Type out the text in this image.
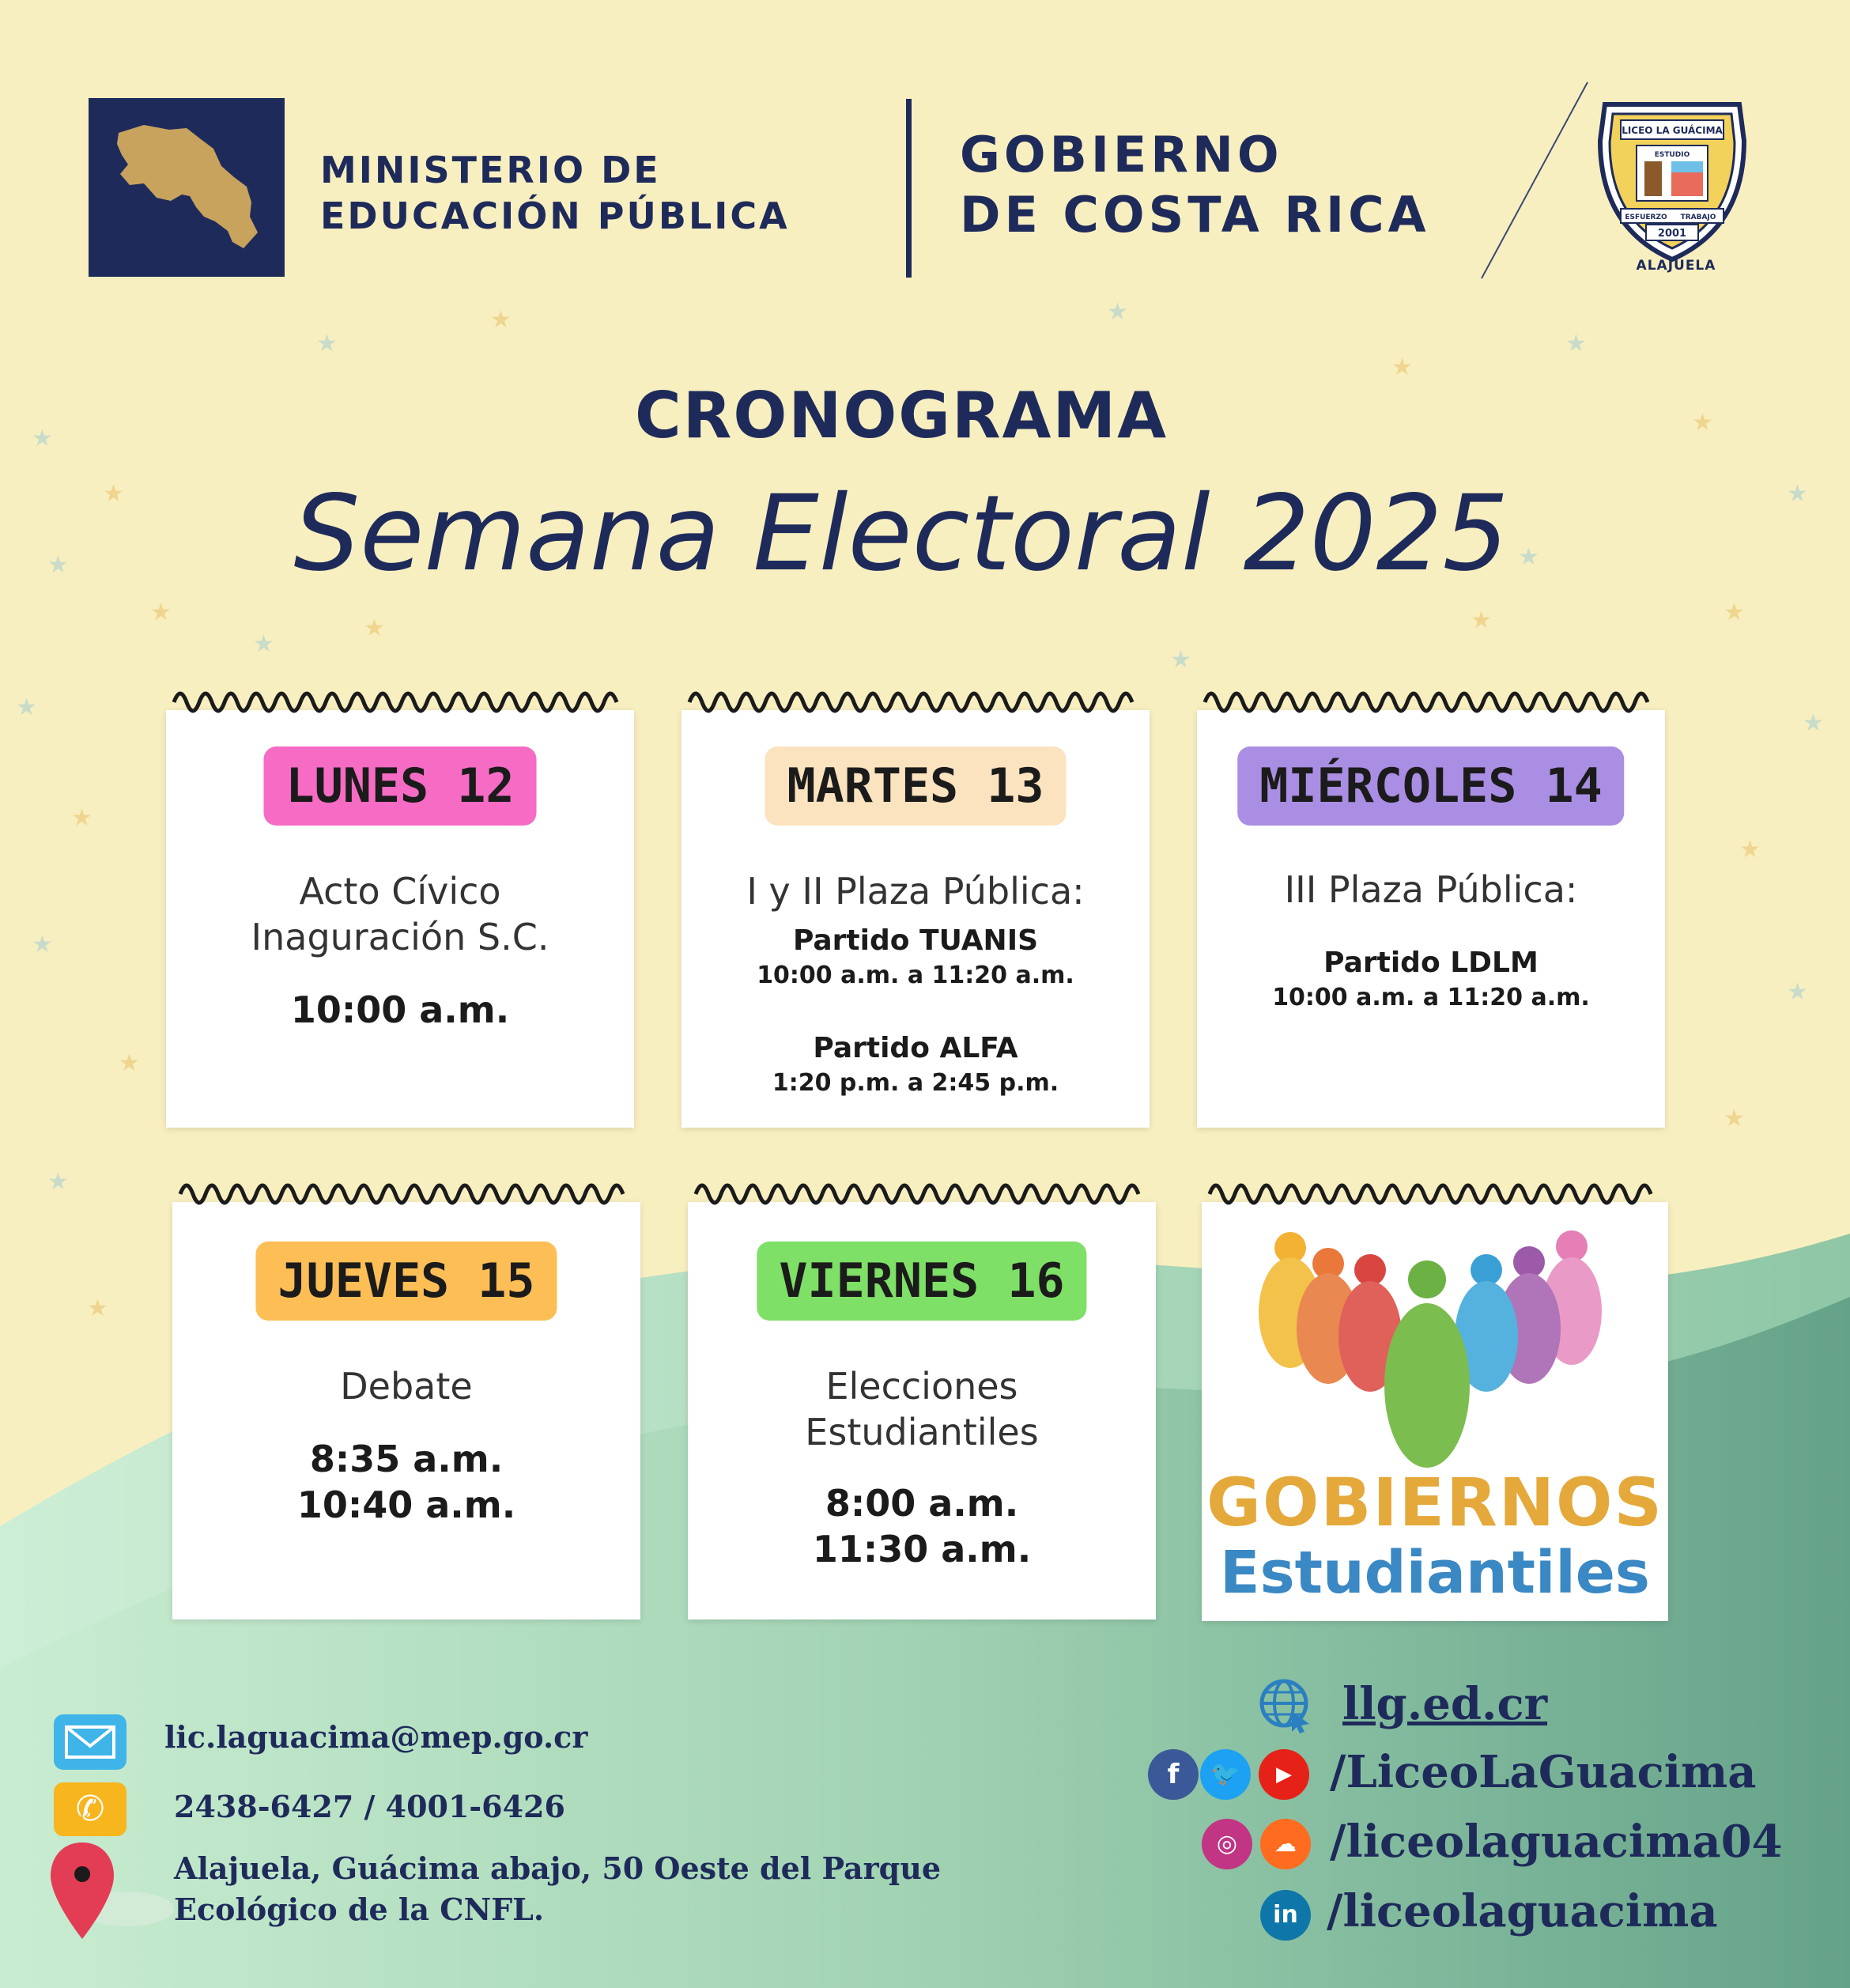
★
★
★
★
★
★
★
★
★
★
★
★	★
★
★
★
★
★
★
★
★
★
★
★
★
★
★
MINISTERIO DE
EDUCACIÓN PÚBLICA
GOBIERNO
DE COSTA RICA
LICEO LA GUÁCIMA
ESTUDIO
ESFUERZO TRABAJO
2001
ALAJUELA
CRONOGRAMA
Semana Electoral 2025
LUNES 12
Acto Cívico
Inaguración S.C.
10:00 a.m.
MARTES 13
I y II Plaza Pública:
Partido TUANIS
10:00 a.m. a 11:20 a.m.
Partido ALFA
1:20 p.m. a 2:45 p.m.
MIÉRCOLES 14
III Plaza Pública:
Partido LDLM
10:00 a.m. a 11:20 a.m.
JUEVES 15
Debate
8:35 a.m.
10:40 a.m.
VIERNES 16
Elecciones
Estudiantiles
8:00 a.m.
11:30 a.m.
GOBIERNOS
Estudiantiles
lic.laguacima@mep.go.cr
✆	2438-6427 / 4001-6426
Alajuela, Guácima abajo, 50 Oeste del Parque
Ecológico de la CNFL.
llg.ed.cr
f	🐦	▶ /LiceoLaGuacima
◎	☁ /liceolaguacima04
in /liceolaguacima
